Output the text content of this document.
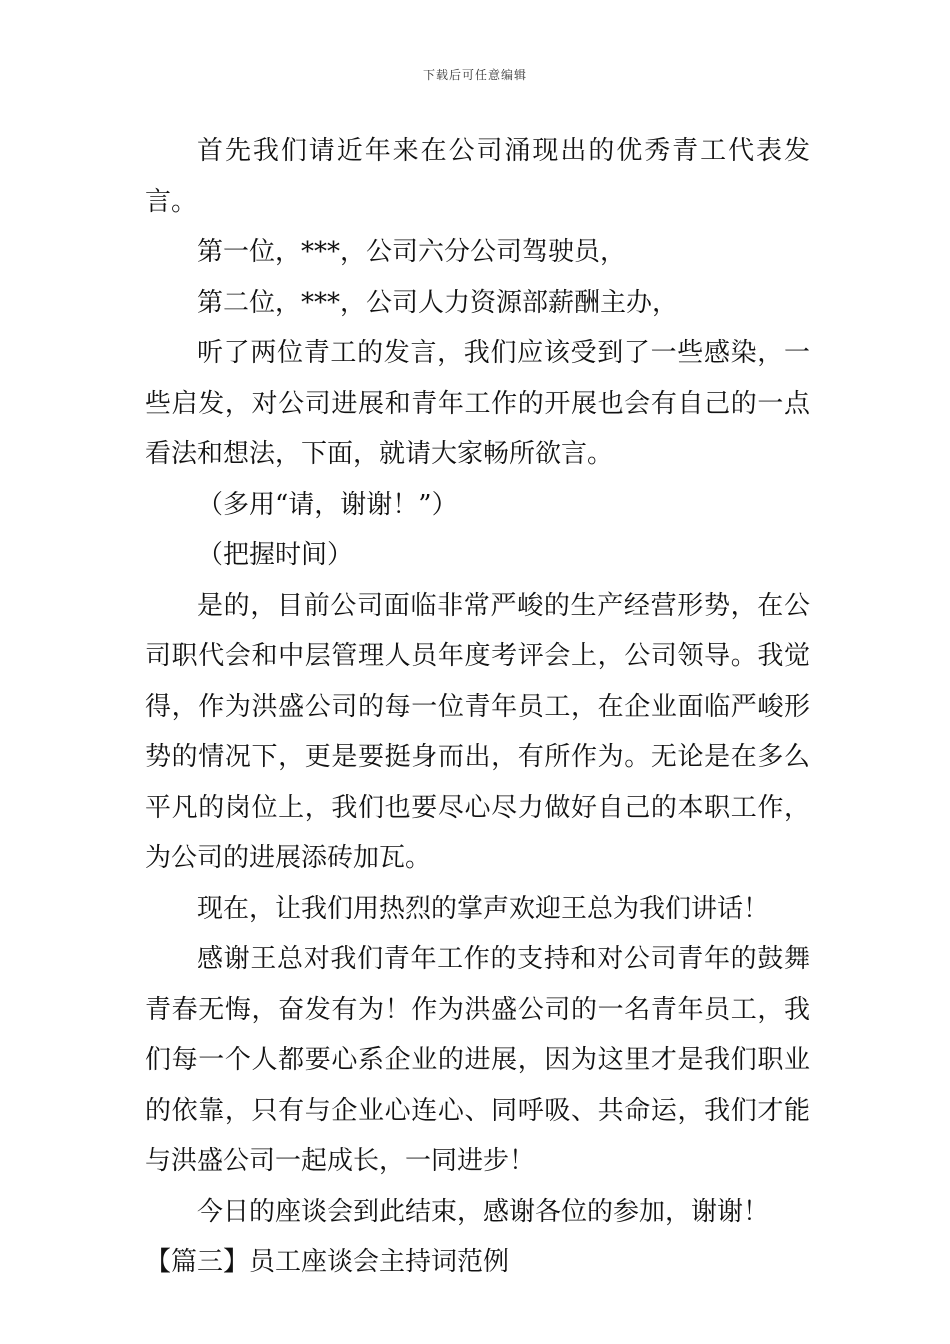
下载后可任意编辑

首先我们请近年来在公司涌现出的优秀青工代表发言。

第一位，***，公司六分公司驾驶员，

第二位，***，公司人力资源部薪酬主办，

听了两位青工的发言，我们应该受到了一些感染，一些启发，对公司进展和青年工作的开展也会有自己的一点看法和想法，下面，就请大家畅所欲言。

（多用“请，谢谢！”）

（把握时间）

是的，目前公司面临非常严峻的生产经营形势，在公司职代会和中层管理人员年度考评会上，公司领导。我觉得，作为洪盛公司的每一位青年员工，在企业面临严峻形势的情况下，更是要挺身而出，有所作为。无论是在多么平凡的岗位上，我们也要尽心尽力做好自己的本职工作，为公司的进展添砖加瓦。

现在，让我们用热烈的掌声欢迎王总为我们讲话！

感谢王总对我们青年工作的支持和对公司青年的鼓舞青春无悔，奋发有为！作为洪盛公司的一名青年员工，我们每一个人都要心系企业的进展，因为这里才是我们职业的依靠，只有与企业心连心、同呼吸、共命运，我们才能与洪盛公司一起成长，一同进步！

今日的座谈会到此结束，感谢各位的参加，谢谢！

【篇三】员工座谈会主持词范例
